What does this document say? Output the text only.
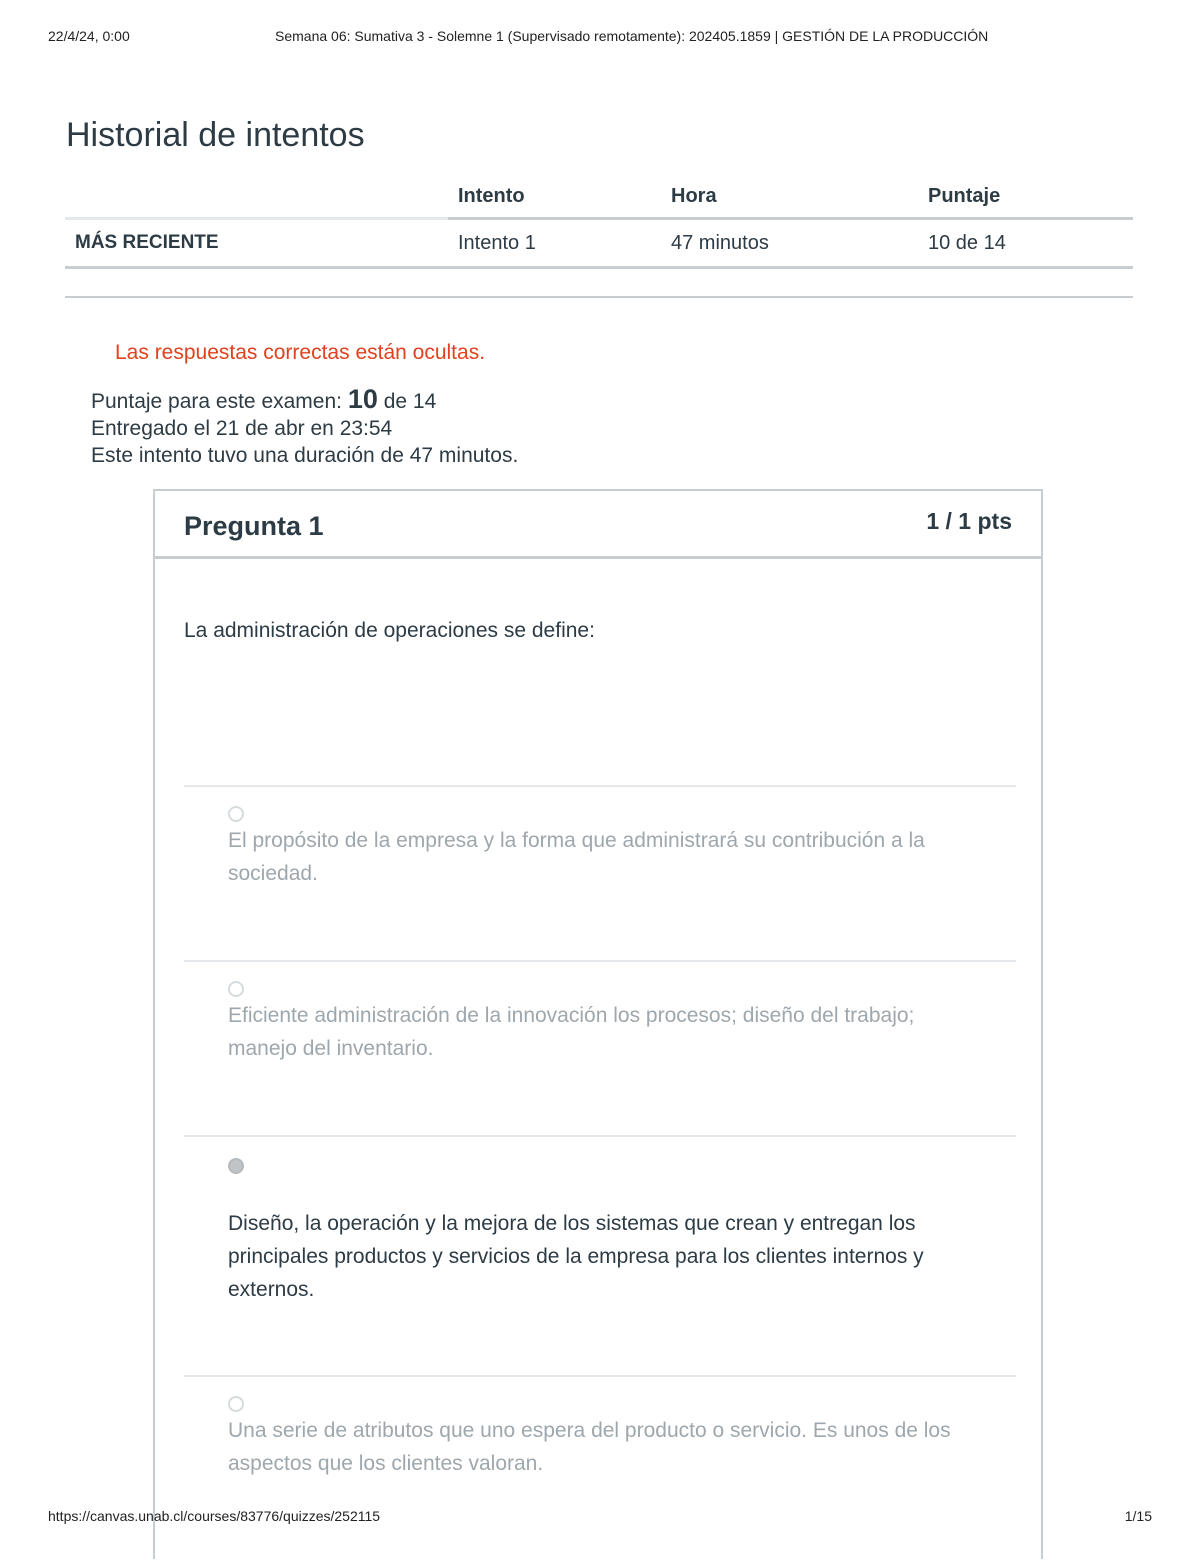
22/4/24, 0:00	Semana 06: Sumativa 3 - Solemne 1 (Supervisado remotamente): 202405.1859 | GESTIÓN DE LA PRODUCCIÓN
Historial de intentos
	Intento	Hora	Puntaje
MÁS RECIENTE	Intento 1	47 minutos	10 de 14
Las respuestas correctas están ocultas.
Puntaje para este examen: 10 de 14
Entregado el 21 de abr en 23:54
Este intento tuvo una duración de 47 minutos.
Pregunta 1	1 / 1 pts
La administración de operaciones se define:
El propósito de la empresa y la forma que administrará su contribución a la sociedad.
Eficiente administración de la innovación los procesos; diseño del trabajo; manejo del inventario.
Diseño, la operación y la mejora de los sistemas que crean y entregan los principales productos y servicios de la empresa para los clientes internos y externos.
Una serie de atributos que uno espera del producto o servicio. Es unos de los aspectos que los clientes valoran.
https://canvas.unab.cl/courses/83776/quizzes/252115	1/15
